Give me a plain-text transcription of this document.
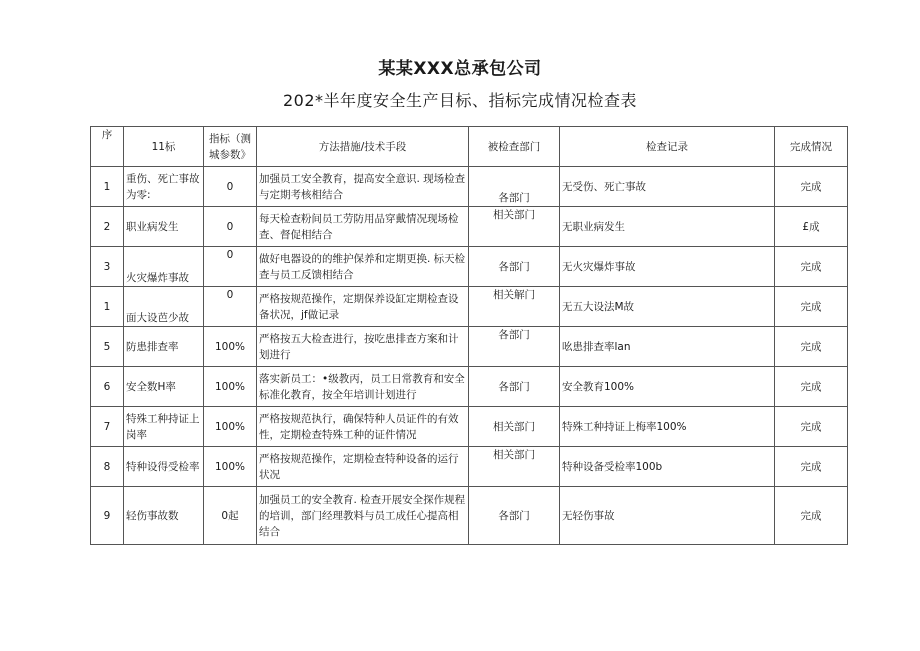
某某XXX总承包公司
202*半年度安全生产目标、指标完成情况检查表
序	11标	指标（测城参数》	方法措施/技术手段	被检查部门	检查记录	完成情况
1	重伤、死亡事故为零:	0	加强员工安全教育，提高安全意识. 现场检查与定期考核相结合	各部门	无受伤、死亡事故	完成
2	职业病发生	0	每天检查粉间员工劳防用品穿戴情况现场检查、督促相结合	相关部门	无职业病发生	£成
3	火灾爆炸事故	0	做好电器设的的维护保养和定期更换. 标天检查与员工反馈相结合	各部门	无火灾爆炸事故	完成
1	面大设芭少故	0	严格按规范操作，定期保养设缸定期检查设备状况，jf做记录	相关解门	无五大设法M故	完成
5	防患排查率	100%	严格按五大检查进行，按吃患排查方案和计划进行	各部门	吆患排查率lan	完成
6	安全数H率	100%	落实新员工：•级教丙，员工日常教育和安全标准化教育，按全年培训计划进行	各部门	安全教育100%	完成
7	特殊工种持证上岗率	100%	严格按规范执行，确保特种人员证件的有效性，定期检查特殊工种的证件情况	相关部门	特殊工种持证上梅率100%	完成
8	特种设得受检率	100%	严格按规范操作，定期检查特种设备的运行状况	相关部门	特种设备受检率100b	完成
9	轻伤事故数	0起	加强员工的安全教育. 检查开展安全探作规程的培训，部门经理教料与员工成任心提高相结合	各部门	无轻伤事故	完成
